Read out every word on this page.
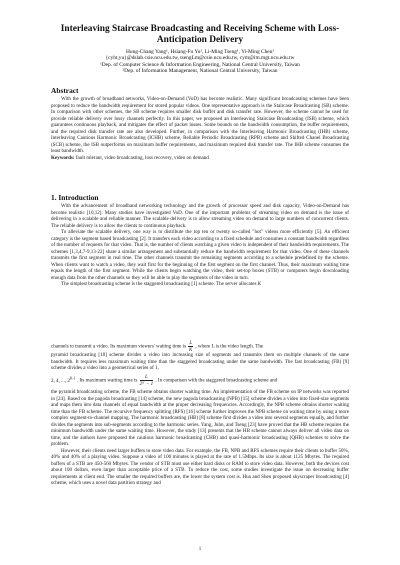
Interleaving Staircase Broadcasting and Receiving Scheme with Loss-Anticipation Delivery
Hung-Chang Yang¹, Hsiang-Fu Yu², Li-Ming Tseng¹, Yi-Ming Chen²
{cyht,yu}@dslab.csie.ncu.edu.tw, tsengLm@csie.ncu.edu.tw, cym@im.mgt.ncu.edu.tw
¹Dep. of Computer Science & Information Engineering, National Central University, Taiwan
²Dep. of Information Management, National Central University, Taiwan
Abstract

With the growth of broadband networks, Video-on-Demand (VoD) has become realistic. Many significant broadcasting schemes have been proposed to reduce the bandwidth requirement for stored popular videos. One representative approach is the Staircase Broadcasting (SB) scheme. In comparison with other schemes, the SB scheme requires smaller disk buffer and disk transfer rate. However, the scheme cannot be used for provide reliable delivery over lossy channels perfectly. In this paper, we proposed an Interleaving Staircase Broadcasting (ISB) scheme, which guarantees continuous playback, and mitigates the effect of packet losses. Some bounds on the bandwidth consumption, the buffer requirements, and the required disk transfer rate are also developed. Further, in comparison with the Interleaving Harmonic Broadcasting (IHB) scheme, Interleaving Cautious Harmonic Broadcasting (ICHB) scheme, Reliable Periodic Broadcasting (RPB) scheme and Shifted Chanel Broadcasting (SCB) scheme, the ISB outperforms on maximum buffer requirements, and maximum required disk transfer rate. The IHB scheme consumes the least bandwidth.

Keywords: fault tolerant, video broadcasting, loss recovery, video on demand

1. Introduction

With the advancement of broadband networking technology and the growth of processor speed and disk capacity, Video-on-Demand has become realistic [10,12]. Many studies have investigated VoD. One of the important problems of streaming video on demand is the issue of delivering in a scalable and reliable manner. The scalable delivery is to allow streaming video on demand to large numbers of concurrent clients. The reliable delivery is to allow the clients to continuous playback.

To alleviate the scalable delivery, one way is to distribute the top ten or twenty so-called "hot" videos more efficiently [5]. An efficient category is the segment based broadcasting [2]. It transfers each video according to a fixed schedule and consumes a constant bandwidth regardless of the number of requests for that video. That is, the number of clients watching a given video is independent of their bandwidth requirements. The schemes [1,3,4,7-9,13-22] share a similar arrangement and substantially reduce the bandwidth requirement for that video. One of these channels transmits the first segment in real time. The other channels transmit the remaining segments according to a schedule predefined by the scheme. When clients want to watch a video, they wait first for the beginning of the first segment on the first channel. Thus, their maximum waiting time equals the length of the first segment. While the clients begin watching the video, their set-top boxes (STB) or computers begin downloading enough data from the other channels so they will be able to play the segments of the video in turn.

The simplest broadcasting scheme is the staggered broadcasting [1] scheme. The server allocates K

channels to transmit a video. Its maximum viewers' waiting time is $\frac{L}{K}$ , where L is the video length. The

pyramid broadcasting [18] scheme divides a video into increasing size of segments and transmits them on multiple channels of the same bandwidth. It requires less maximum waiting time than the staggered broadcasting under the same bandwidth. The fast broadcasting (FB) [9] scheme divides a video into a geometrical series of 1,

2, 4, ..., $2^{K-1}$ . Its maximum waiting time is $\frac{L}{\text{2ᴷ − 1}}$ . In comparison with the staggered broadcasting scheme and

the pyramid broadcasting scheme, the FB scheme obtains shorter waiting time. An implementation of the FB scheme on IP networks was reported in [24]. Based on the pagoda broadcasting [14] scheme, the new pagoda broadcasting (NPB) [15] scheme divides a video into fixed-size segments and maps them into data channels of equal bandwidth at the proper decreasing frequencies. Accordingly, the NPB scheme obtains shorter waiting time than the FB scheme. The recursive frequency splitting (RFS) [16] scheme further improves the NPB scheme on waiting time by using a more complex segment-to-channel mapping. The harmonic broadcasting (HB) [8] scheme first divides a video into several segments equally, and further divides the segments into sub-segments according to the harmonic series. Yang, Juhn, and Tseng [23] have proved that the HB scheme requires the minimum bandwidth under the same waiting time. However, the study [13] presents that the HB scheme cannot always deliver all video data on time, and the authors have proposed the cautious harmonic broadcasting (CHB) and quasi-harmonic broadcasting (QHB) schemes to solve the problem.

However, their clients need larger buffers to store video data. For example, the FB, NPB and RFS schemes require their clients to buffer 50%, 40% and 40% of a playing video. Suppose a video of 100 minutes is played at the rate of 1.5Mbps. Its size is about 1125 Mbytes. The required buffers of a STB are 450-560 Mbytes. The vendor of STB must use either hard disks or RAM to store video data. However, both the devices cost about 100 dollars, even larger than acceptable price of a STB. To reduce the cost, some studies investigate the issue on decreasing buffer requirements at client end. The smaller the required buffers are, the lower the system cost is. Hua and Sheu proposed skyscraper broadcasting [4] scheme, which uses a novel data partition strategy and

1
